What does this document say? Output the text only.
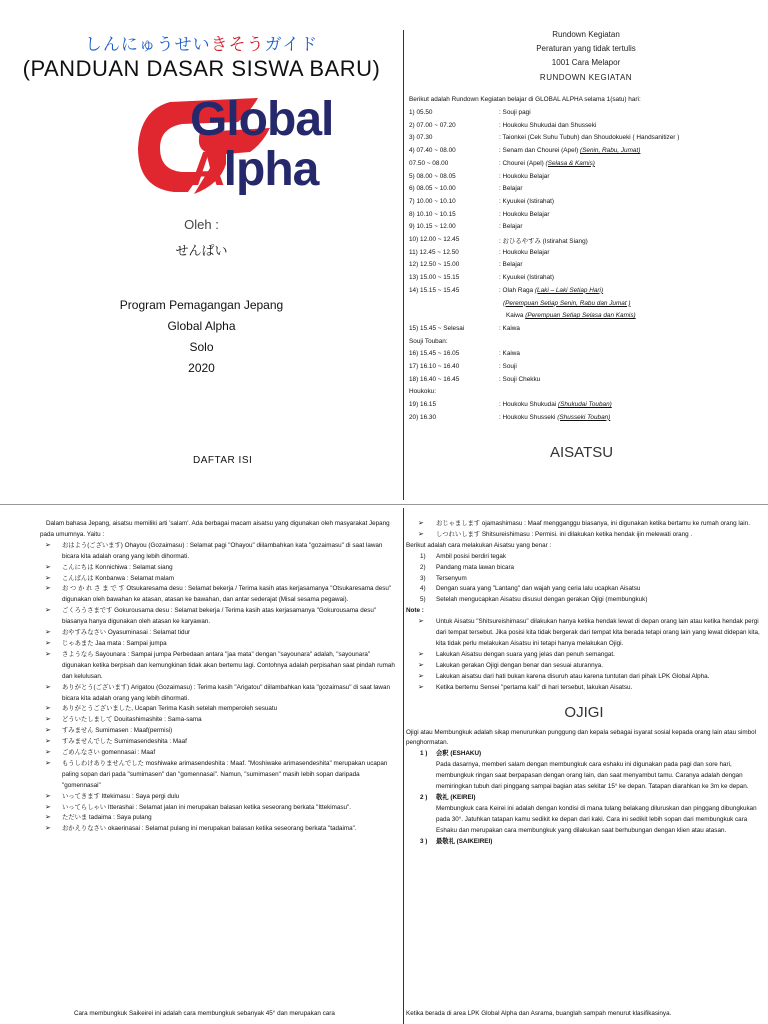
しんにゅうせいきそうガイド
(PANDUAN DASAR SISWA BARU)
Global
Alpha
Oleh :
せんぱい
Program Pemagangan Jepang
Global Alpha
Solo
2020
DAFTAR ISI
Rundown Kegiatan
Peraturan yang tidak tertulis
1001 Cara Melapor
RUNDOWN KEGIATAN
Berikut adalah Rundown Kegiatan belajar di GLOBAL ALPHA selama 1(satu) hari:
1) 05.50	: Souji pagi
2) 07.00 ~ 07.20	: Houkoku Shukudai dan Shusseki
3) 07.30	: Taionkei (Cek Suhu Tubuh) dan Shoudokueki ( Handsanitizer )
4) 07.40 ~ 08.00	: Senam dan Chourei (Apel) (Senin, Rabu, Jumat)
07.50 ~ 08.00	: Chourei (Apel) (Selasa & Kamis)
5) 08.00 ~ 08.05	: Houkoku Belajar
6) 08.05 ~ 10.00	: Belajar
7) 10.00 ~ 10.10	: Kyuukei (Istirahat)
8) 10.10 ~ 10.15	: Houkoku Belajar
9) 10.15 ~ 12.00	: Belajar
10) 12.00 ~ 12.45	: おひるやすみ (Istirahat Siang)
11) 12.45 ~ 12.50	: Houkoku Belajar
12) 12.50 ~ 15.00	: Belajar
13) 15.00 ~ 15.15	: Kyuukei (Istirahat)
14) 15.15 ~ 15.45	: Olah Raga (Laki – Laki Setiap Hari)
(Perempuan Setiap Senin, Rabu dan Jumat )
Kaiwa (Perempuan Setiap Selasa dan Kamis)
15) 15.45 ~ Selesai	: Kaiwa
Souji Touban:
16) 15.45 ~ 16.05	: Kaiwa
17) 16.10 ~ 16.40	: Souji
18) 16.40 ~ 16.45	: Souji Chekku
Houkoku:
19) 16.15	: Houkoku Shukudai (Shukudai Touban)
20) 16.30	: Houkoku Shusseki (Shusseki Touban)
AISATSU

Dalam bahasa Jepang, aisatsu memiliki arti 'salam'. Ada berbagai macam aisatsu yang digunakan oleh masyarakat Jepang pada umumnya. Yaitu :

➢ おはよう(ございます) Ohayou (Gozaimasu) : Selamat pagi "Ohayou" diilambahkan kata "gozaimasu" di saat lawan bicara kita adalah orang yang lebih dihormati.

➢ こんにちは Konnichiwa : Selamat siang

➢ こんばんは Konbanwa : Selamat malam

➢ お つ か れ さ ま で す Otsukaresama desu : Selamat bekerja / Terima kasih atas kerjasamanya "Otsukaresama desu" digunakan oleh bawahan ke atasan, atasan ke bawahan, dan antar sederajat (Misal sesama pegawai).

➢ ごくろうさまです Gokurousama desu : Selamat bekerja / Terima kasih atas kerjasamanya "Gokurousama desu" biasanya hanya digunakan oleh atasan ke karyawan.

➢ おやすみなさい Oyasuminasai : Selamat tidur

➢ じゃあまた Jaa mata : Sampai jumpa

➢ さようなら Sayounara : Sampai jumpa Perbedaan antara "jaa mata" dengan "sayounara" adalah, "sayounara" digunakan ketika berpisah dan kemungkinan tidak akan bertemu lagi. Contohnya adalah perpisahan saat pindah rumah dan kelulusan.

➢ ありがとう(ございます) Arigatou (Gozaimasu) : Terima kasih "Arigatou" diilambahkan kata "gozaimasu" di saat lawan bicara kita adalah orang yang lebih dihormati.

➢ ありがとうございました, Ucapan Terima Kasih setelah memperoleh sesuatu

➢ どういたしまして Douitashimashite : Sama-sama

➢ すみません Sumimasen : Maaf(permisi)

➢ すみませんでした Sumimasendeshita : Maaf

➢ ごめんなさい gomennasai : Maaf

➢ もうしわけありませんでした moshiwake arimasendeshita : Maaf. "Moshiwake arimasendeshita" merupakan ucapan paling sopan dari pada "sumimasen" dan "gomennasai". Namun, "sumimasen" masih lebih sopan daripada "gomennasai"

➢ いってきます Ittekimasu : Saya pergi dulu

➢ いってらしゃい Itterashai : Selamat jalan ini merupakan balasan ketika seseorang berkata "Ittekimasu".

➢ ただいま tadaima : Saya pulang

➢ おかえりなさい okaerinasai : Selamat pulang ini merupakan balasan ketika seseorang berkata "tadaima".

➢ おじゃまします ojamashimasu : Maaf mengganggu biasanya, ini digunakan ketika bertamu ke rumah orang lain.

➢ しつれいします Shitsureishimasu : Permisi. ini dilakukan ketika hendak ijin melewati orang .

Berikut adalah cara melakukan Aisatsu yang benar :

1) Ambil posisi berdiri tegak

2) Pandang mata lawan bicara

3) Tersenyum

4) Dengan suara yang "Lantang" dan wajah yang ceria lalu ucapkan Aisatsu

5) Setelah mengucapkan Aisatsu disusul dengan gerakan Ojigi (membungkuk)

Note :

➢ Untuk Aisatsu "Shitsureishimasu" dilakukan hanya ketika hendak lewat di depan orang lain atau ketika hendak pergi dari tempat tersebut. Jika posisi kita tidak bergerak dari tempat kita berada tetapi orang lain yang lewat didepan kita, kita tidak perlu melakukan Aisatsu ini tetapi hanya melakukan Ojigi.

➢ Lakukan Aisatsu dengan suara yang jelas dan penuh semangat.

➢ Lakukan gerakan Ojigi dengan benar dan sesuai aturannya.

➢ Lakukan aisatsu dari hati bukan karena disuruh atau karena tuntutan dari pihak LPK Global Alpha.

➢ Ketika bertemu Sensei "pertama kali" di hari tersebut, lakukan Aisatsu.

OJIGI

Ojigi atau Membungkuk adalah sikap menurunkan punggung dan kepala sebagai isyarat sosial kepada orang lain atau simbol penghormatan.

1 ) 会釈 (ESHAKU)

Pada dasarnya, memberi salam dengan membungkuk cara eshaku ini digunakan pada pagi dan sore hari, membungkuk ringan saat berpapasan dengan orang lain, dan saat menyambut tamu. Caranya adalah dengan memiringkan tubuh dari pinggang sampai bagian atas sekitar 15° ke depan. Tatapan diarahkan ke 3m ke depan.

2 ) 敬礼 (KEIREI)

Membungkuk cara Keirei ini adalah dengan kondisi di mana tulang belakang diluruskan dan pinggang dibungkukan pada 30°. Jatuhkan tatapan kamu sedikit ke depan dari kaki. Cara ini sedikit lebih sopan dari membungkuk cara Eshaku dan merupakan cara membungkuk yang dilakukan saat berhubungan dengan klien atau atasan.

3 ) 最敬礼 (SAIKEIREI)

Cara membungkuk Saikeirei ini adalah cara membungkuk sebanyak 45° dan merupakan cara	Ketika berada di area LPK Global Alpha dan Asrama, buanglah sampah menurut klasifikasinya.
